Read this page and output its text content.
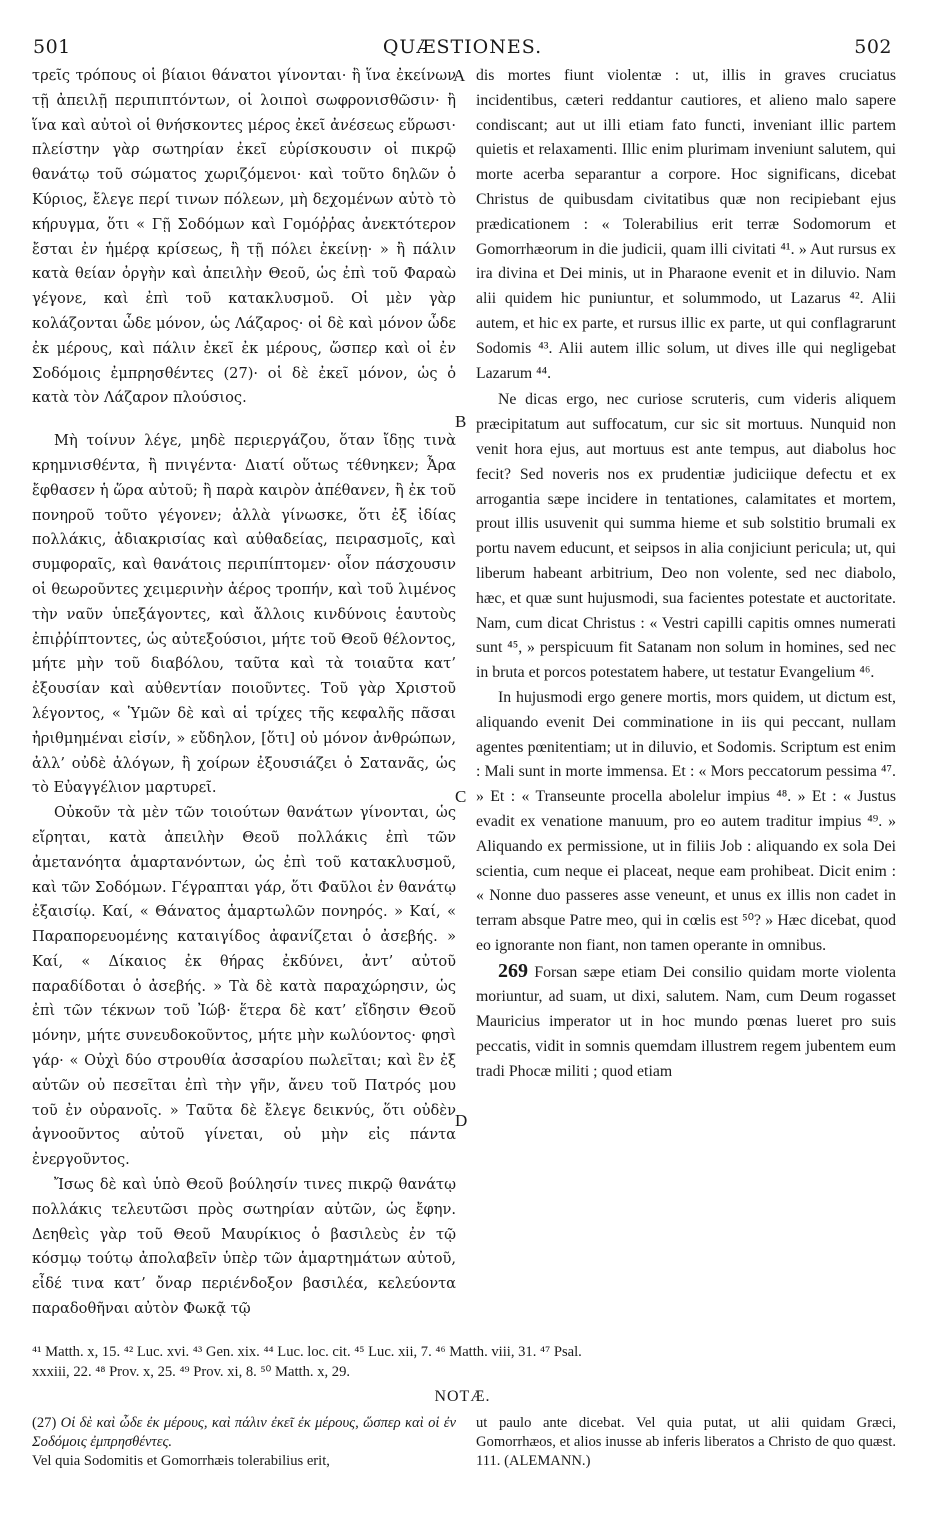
QUÆSTIONES.
501	502

τρεῖς τρόπους οἱ βίαιοι θάνατοι γίνονται· ἢ ἵνα ἐκείνων τῇ ἀπειλῇ περιπιπτόντων, οἱ λοιποὶ σωφρονισθῶσιν· ἢ ἵνα καὶ αὐτοὶ οἱ θνήσκοντες μέρος ἐκεῖ ἀνέσεως εὕρωσι· πλείστην γὰρ σωτηρίαν ἐκεῖ εὑρίσκουσιν οἱ πικρῷ θανάτῳ τοῦ σώματος χωριζόμενοι· καὶ τοῦτο δηλῶν ὁ Κύριος, ἔλεγε περί τινων πόλεων, μὴ δεχομένων αὐτὸ τὸ κήρυγμα, ὅτι « Γῇ Σοδόμων καὶ Γομόῤῥας ἀνεκτότερον ἔσται ἐν ἡμέρᾳ κρίσεως, ἢ τῇ πόλει ἐκείνῃ· » ἢ πάλιν κατὰ θείαν ὀργὴν καὶ ἀπειλὴν Θεοῦ, ὡς ἐπὶ τοῦ Φαραὼ γέγονε, καὶ ἐπὶ τοῦ κατακλυσμοῦ. Οἱ μὲν γὰρ κολάζονται ὧδε μόνον, ὡς Λάζαρος· οἱ δὲ καὶ μόνον ὧδε ἐκ μέρους, καὶ πάλιν ἐκεῖ ἐκ μέρους, ὥσπερ καὶ οἱ ἐν Σοδόμοις ἐμπρησθέντες (27)· οἱ δὲ ἐκεῖ μόνον, ὡς ὁ κατὰ τὸν Λάζαρον πλούσιος.

Μὴ τοίνυν λέγε, μηδὲ περιεργάζου, ὅταν ἴδῃς τινὰ κρημνισθέντα, ἢ πνιγέντα· Διατί οὕτως τέθνηκεν; Ἆρα ἔφθασεν ἡ ὥρα αὐτοῦ; ἢ παρὰ καιρὸν ἀπέθανεν, ἢ ἐκ τοῦ πονηροῦ τοῦτο γέγονεν; ἀλλὰ γίνωσκε, ὅτι ἐξ ἰδίας πολλάκις, ἀδιακρισίας καὶ αὐθαδείας, πειρασμοῖς, καὶ συμφοραῖς, καὶ θανάτοις περιπίπτομεν· οἷον πάσχουσιν οἱ θεωροῦντες χειμερινὴν ἀέρος τροπήν, καὶ τοῦ λιμένος τὴν ναῦν ὑπεξάγοντες, καὶ ἄλλοις κινδύνοις ἑαυτοὺς ἐπιῤῥίπτοντες, ὡς αὐτεξούσιοι, μήτε τοῦ Θεοῦ θέλοντος, μήτε μὴν τοῦ διαβόλου, ταῦτα καὶ τὰ τοιαῦτα κατ’ ἐξουσίαν καὶ αὐθεντίαν ποιοῦντες. Τοῦ γὰρ Χριστοῦ λέγοντος, « Ὑμῶν δὲ καὶ αἱ τρίχες τῆς κεφαλῆς πᾶσαι ἠριθμημέναι εἰσίν, » εὔδηλον, [ὅτι] οὐ μόνον ἀνθρώπων, ἀλλ’ οὐδὲ ἀλόγων, ἢ χοίρων ἐξουσιάζει ὁ Σατανᾶς, ὡς τὸ Εὐαγγέλιον μαρτυρεῖ.

Οὐκοῦν τὰ μὲν τῶν τοιούτων θανάτων γίνονται, ὡς εἴρηται, κατὰ ἀπειλὴν Θεοῦ πολλάκις ἐπὶ τῶν ἀμετανόητα ἁμαρτανόντων, ὡς ἐπὶ τοῦ κατακλυσμοῦ, καὶ τῶν Σοδόμων. Γέγραπται γάρ, ὅτι Φαῦλοι ἐν θανάτῳ ἐξαισίῳ. Καί, « Θάνατος ἁμαρτωλῶν πονηρός. » Καί, « Παραπορευομένης καταιγίδος ἀφανίζεται ὁ ἀσεβής. » Καί, « Δίκαιος ἐκ θήρας ἐκδύνει, ἀντ’ αὐτοῦ παραδίδοται ὁ ἀσεβής. » Τὰ δὲ κατὰ παραχώρησιν, ὡς ἐπὶ τῶν τέκνων τοῦ Ἰώβ· ἕτερα δὲ κατ’ εἴδησιν Θεοῦ μόνην, μήτε συνευδοκοῦντος, μήτε μὴν κωλύοντος· φησὶ γάρ· « Οὐχὶ δύο στρουθία ἀσσαρίου πωλεῖται; καὶ ἓν ἐξ αὐτῶν οὐ πεσεῖται ἐπὶ τὴν γῆν, ἄνευ τοῦ Πατρός μου τοῦ ἐν οὐρανοῖς. » Ταῦτα δὲ ἔλεγε δεικνύς, ὅτι οὐδὲν ἀγνοοῦντος αὐτοῦ γίνεται, οὐ μὴν εἰς πάντα ἐνεργοῦντος.

Ἴσως δὲ καὶ ὑπὸ Θεοῦ βούλησίν τινες πικρῷ θανάτῳ πολλάκις τελευτῶσι πρὸς σωτηρίαν αὐτῶν, ὡς ἔφην. Δεηθεὶς γὰρ τοῦ Θεοῦ Μαυρίκιος ὁ βασιλεὺς ἐν τῷ κόσμῳ τούτῳ ἀπολαβεῖν ὑπὲρ τῶν ἁμαρτημάτων αὐτοῦ, εἶδέ τινα κατ’ ὄναρ περιένδοξον βασιλέα, κελεύοντα παραδοθῆναι αὐτὸν Φωκᾷ τῷ

A
B
C
D

dis mortes fiunt violentæ : ut, illis in graves cruciatus incidentibus, cæteri reddantur cautiores, et alieno malo sapere condiscant; aut ut illi etiam fato functi, inveniant illic partem quietis et relaxamenti. Illic enim plurimam inveniunt salutem, qui morte acerba separantur a corpore. Hoc significans, dicebat Christus de quibusdam civitatibus quæ non recipiebant ejus prædicationem : « Tolerabilius erit terræ Sodomorum et Gomorrhæorum in die judicii, quam illi civitati ⁴¹. » Aut rursus ex ira divina et Dei minis, ut in Pharaone evenit et in diluvio. Nam alii quidem hic puniuntur, et solummodo, ut Lazarus ⁴². Alii autem, et hic ex parte, et rursus illic ex parte, ut qui conflagrarunt Sodomis ⁴³. Alii autem illic solum, ut dives ille qui negligebat Lazarum ⁴⁴.

Ne dicas ergo, nec curiose scruteris, cum videris aliquem præcipitatum aut suffocatum, cur sic sit mortuus. Nunquid non venit hora ejus, aut mortuus est ante tempus, aut diabolus hoc fecit? Sed noveris nos ex prudentiæ judiciique defectu et ex arrogantia sæpe incidere in tentationes, calamitates et mortem, prout illis usuvenit qui summa hieme et sub solstitio brumali ex portu navem educunt, et seipsos in alia conjiciunt pericula; ut, qui liberum habeant arbitrium, Deo non volente, sed nec diabolo, hæc, et quæ sunt hujusmodi, sua facientes potestate et auctoritate. Nam, cum dicat Christus : « Vestri capilli capitis omnes numerati sunt ⁴⁵, » perspicuum fit Satanam non solum in homines, sed nec in bruta et porcos potestatem habere, ut testatur Evangelium ⁴⁶.

In hujusmodi ergo genere mortis, mors quidem, ut dictum est, aliquando evenit Dei comminatione in iis qui peccant, nullam agentes pœnitentiam; ut in diluvio, et Sodomis. Scriptum est enim : Mali sunt in morte immensa. Et : « Mors peccatorum pessima ⁴⁷. » Et : « Transeunte procella abolelur impius ⁴⁸. » Et : « Justus evadit ex venatione manuum, pro eo autem traditur impius ⁴⁹. » Aliquando ex permissione, ut in filiis Job : aliquando ex sola Dei scientia, cum neque ei placeat, neque eam prohibeat. Dicit enim : « Nonne duo passeres asse veneunt, et unus ex illis non cadet in terram absque Patre meo, qui in cœlis est ⁵⁰? » Hæc dicebat, quod eo ignorante non fiant, non tamen operante in omnibus.

269 Forsan sæpe etiam Dei consilio quidam morte violenta moriuntur, ad suam, ut dixi, salutem. Nam, cum Deum rogasset Mauricius imperator ut in hoc mundo pœnas lueret pro suis peccatis, vidit in somnis quemdam illustrem regem jubentem eum tradi Phocæ militi ; quod etiam

⁴¹ Matth. x, 15. ⁴² Luc. xvi. ⁴³ Gen. xix. ⁴⁴ Luc. loc. cit. ⁴⁵ Luc. xii, 7. ⁴⁶ Matth. viii, 31. ⁴⁷ Psal.

xxxiii, 22. ⁴⁸ Prov. x, 25. ⁴⁹ Prov. xi, 8. ⁵⁰ Matth. x, 29.

NOTÆ.

(27) Οἱ δὲ καὶ ὧδε ἐκ μέρους, καὶ πάλιν ἐκεῖ ἐκ μέρους, ὥσπερ καὶ οἱ ἐν Σοδόμοις ἐμπρησθέντες.

Vel quia Sodomitis et Gomorrhæis tolerabilius erit,

ut paulo ante dicebat. Vel quia putat, ut alii quidam Græci, Gomorrhæos, et alios inusse ab inferis liberatos a Christo de quo quæst. 111. (ALEMANN.)
